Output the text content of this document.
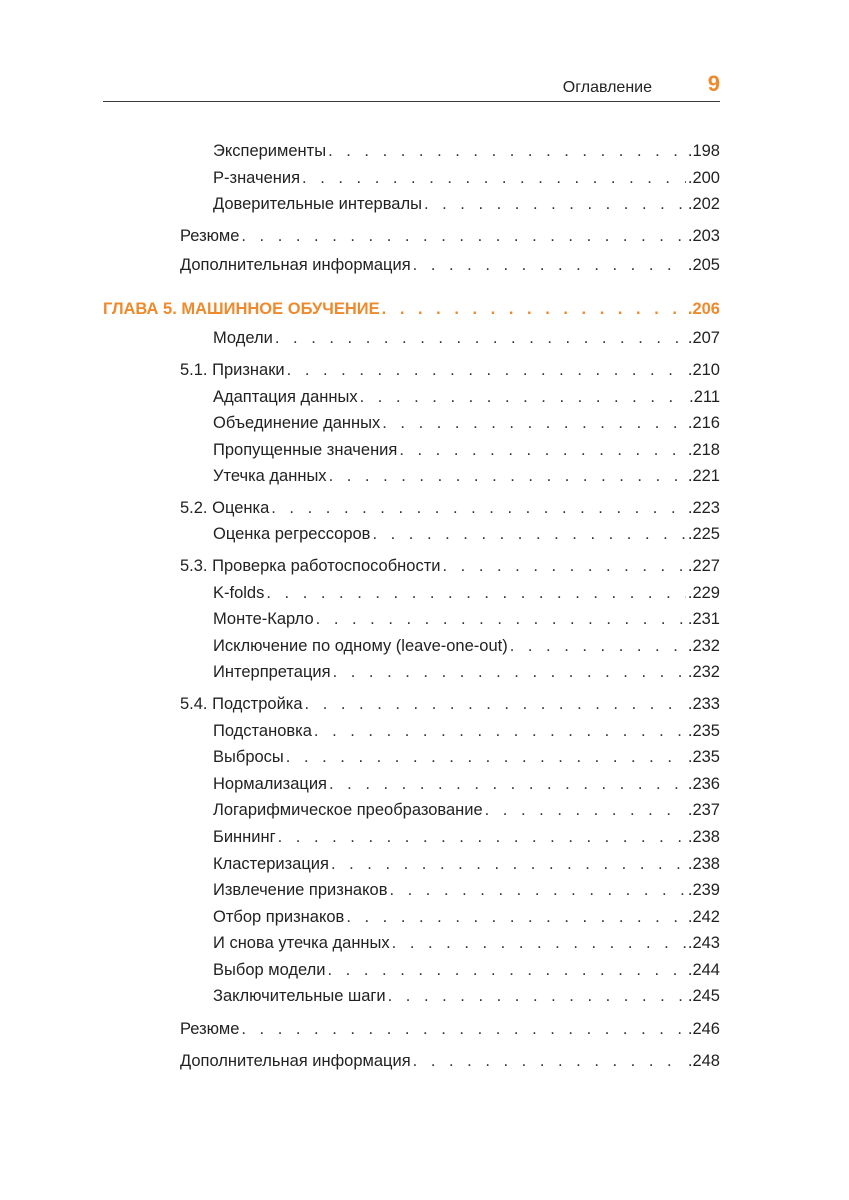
Оглавление	9
Эксперименты . . .	.198
P-значения . . .	.200
Доверительные интервалы . . .	.202
Резюме . . .	.203
Дополнительная информация . . .	.205
ГЛАВА 5. МАШИННОЕ ОБУЧЕНИЕ . . .	.206
Модели . . .	.207
5.1. Признаки . . .	.210
Адаптация данных . . .	.211
Объединение данных . . .	.216
Пропущенные значения . . .	.218
Утечка данных . . .	.221
5.2. Оценка . . .	.223
Оценка регрессоров . . .	.225
5.3. Проверка работоспособности . . .	.227
K-folds . . .	.229
Монте-Карло . . .	.231
Исключение по одному (leave-one-out) . . .	.232
Интерпретация . . .	.232
5.4. Подстройка . . .	.233
Подстановка . . .	.235
Выбросы . . .	.235
Нормализация . . .	.236
Логарифмическое преобразование . . .	.237
Биннинг . . .	.238
Кластеризация . . .	.238
Извлечение признаков . . .	.239
Отбор признаков . . .	.242
И снова утечка данных . . .	.243
Выбор модели . . .	.244
Заключительные шаги . . .	.245
Резюме . . .	.246
Дополнительная информация . . .	.248
